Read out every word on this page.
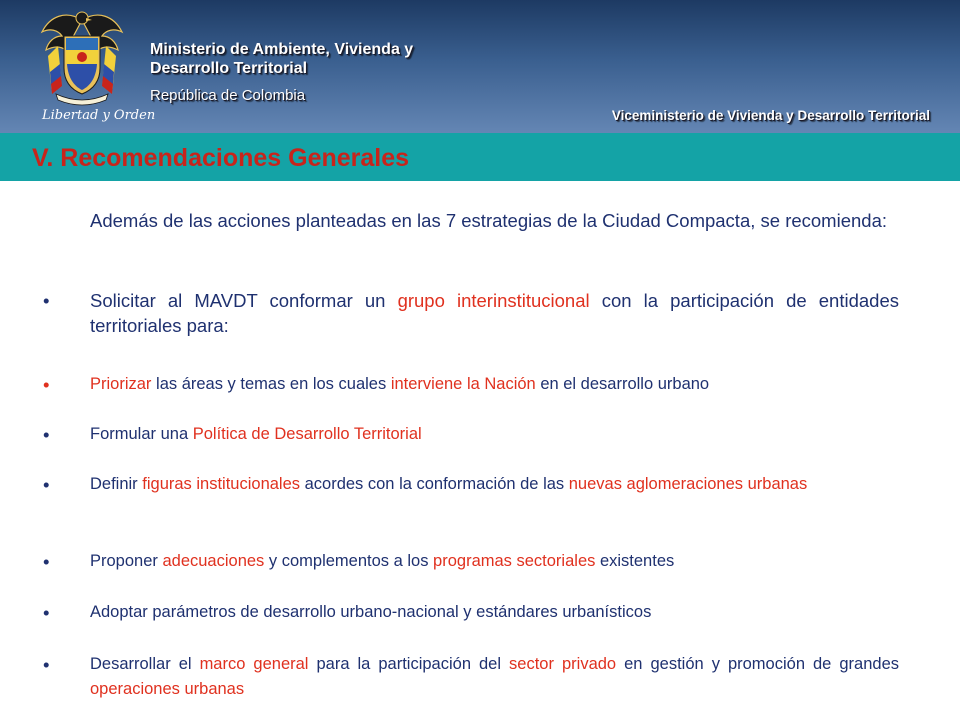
Libertad y Orden
Ministerio de Ambiente, Vivienda y
Desarrollo Territorial
República de Colombia
Viceministerio de Vivienda y Desarrollo Territorial
V. Recomendaciones Generales
Además de las acciones planteadas en las 7 estrategias de la Ciudad Compacta, se recomienda:
• Solicitar al MAVDT conformar un grupo interinstitucional con la participación de entidades territoriales para:
•	Priorizar las áreas y temas en los cuales interviene la Nación en el desarrollo urbano
•	Formular una Política de Desarrollo Territorial
•	Definir figuras institucionales acordes con la conformación de las nuevas aglomeraciones urbanas
•	Proponer adecuaciones y complementos a los programas sectoriales existentes
•	Adoptar parámetros de desarrollo urbano-nacional y estándares urbanísticos
•	Desarrollar el marco general para la participación del sector privado en gestión y promoción de grandes operaciones urbanas
